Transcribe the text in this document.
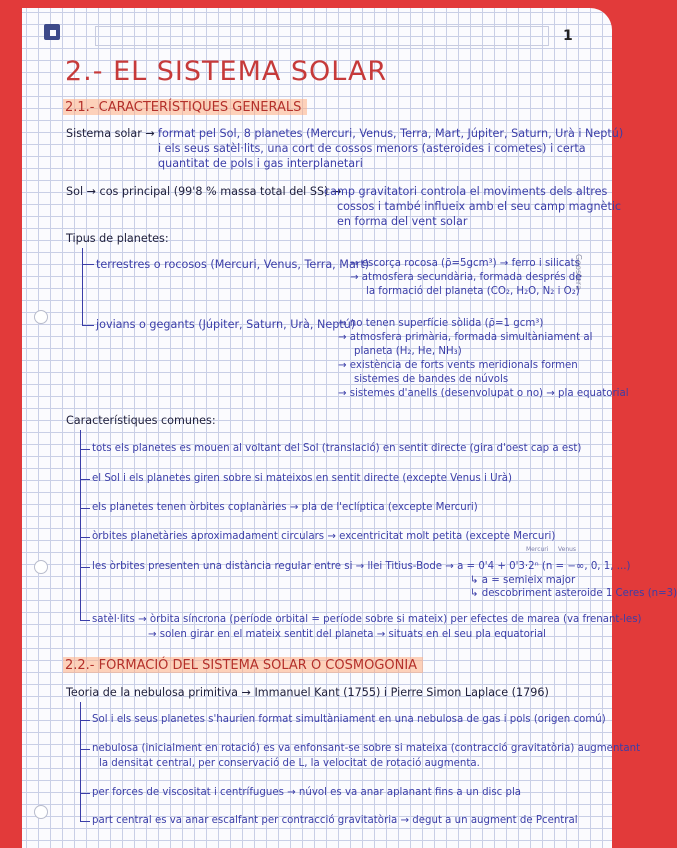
1
2.- EL SISTEMA SOLAR
Geosfera
2.1.- CARACTERÍSTIQUES GENERALS
Sistema solar → format pel Sol, 8 planetes (Mercuri, Venus, Terra, Mart, Júpiter, Saturn, Urà i Neptú)
i els seus satèl·lits, una cort de cossos menors (asteroides i cometes) i certa
quantitat de pols i gas interplanetari
Sol → cos principal (99'8 % massa total del SS) →
camp gravitatori controla el moviments dels altres
cossos i també influeix amb el seu camp magnètic
en forma del vent solar
Tipus de planetes:
terrestres o rocosos (Mercuri, Venus, Terra, Mart)
→ escorça rocosa (ρ̄=5gcm³) → ferro i silicats
→ atmosfera secundària, formada després de
la formació del planeta (CO₂, H₂O, N₂ i O₂)
jovians o gegants (Júpiter, Saturn, Urà, Neptú)
→ no tenen superfície sòlida (ρ̄=1 gcm³)
→ atmosfera primària, formada simultàniament al
planeta (H₂, He, NH₃)
→ existència de forts vents meridionals formen
sistemes de bandes de núvols
→ sistemes d'anells (desenvolupat o no) → pla equatorial
Característiques comunes:
tots els planetes es mouen al voltant del Sol (translació) en sentit directe (gira d'oest cap a est)
el Sol i els planetes giren sobre si mateixos en sentit directe (excepte Venus i Urà)
els planetes tenen òrbites coplanàries → pla de l'eclíptica (excepte Mercuri)
òrbites planetàries aproximadament circulars → excentricitat molt petita (excepte Mercuri)
les òrbites presenten una distància regular entre si → llei Titius-Bode → a = 0'4 + 0'3·2ⁿ (n = −∞, 0, 1, ...)
Mercuri Venus
↳ a = semieix major
↳ descobriment asteroide 1 Ceres (n=3)
satèl·lits → òrbita síncrona (període orbital = període sobre si mateix) per efectes de marea (va frenant-les)
→ solen girar en el mateix sentit del planeta → situats en el seu pla equatorial
2.2.- FORMACIÓ DEL SISTEMA SOLAR O COSMOGONIA
Teoria de la nebulosa primitiva → Immanuel Kant (1755) i Pierre Simon Laplace (1796)
Sol i els seus planetes s'haurien format simultàniament en una nebulosa de gas i pols (origen comú)
nebulosa (inicialment en rotació) es va enfonsant-se sobre si mateixa (contracció gravitatòria) augmentant
la densitat central, per conservació de L, la velocitat de rotació augmenta.
per forces de viscositat i centrífugues → núvol es va anar aplanant fins a un disc pla
part central es va anar escalfant per contracció gravitatòria → degut a un augment de Pcentral
